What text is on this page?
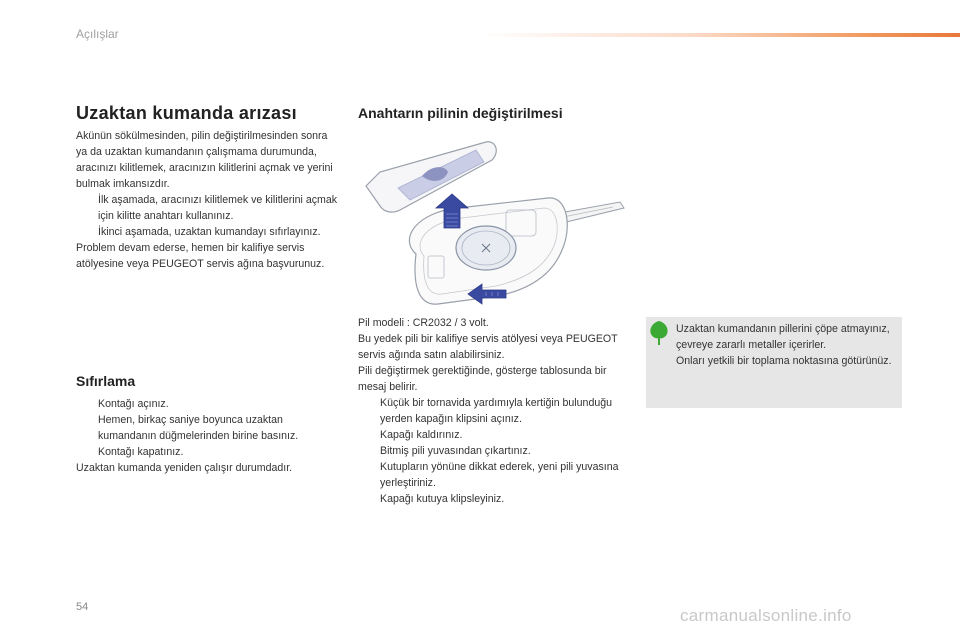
Açılışlar
Uzaktan kumanda arızası

Akünün sökülmesinden, pilin değiştirilmesinden sonra ya da uzaktan kumandanın çalışmama durumunda, aracınızı kilitlemek, aracınızın kilitlerini açmak ve yerini bulmak imkansızdır.

İlk aşamada, aracınızı kilitlemek ve kilitlerini açmak için kilitte anahtarı kullanınız.
İkinci aşamada, uzaktan kumandayı sıfırlayınız.

Problem devam ederse, hemen bir kalifiye servis atölyesine veya PEUGEOT servis ağına başvurunuz.

Sıfırlama
Kontağı açınız.
Hemen, birkaç saniye boyunca uzaktan kumandanın düğmelerinden birine basınız.
Kontağı kapatınız.

Uzaktan kumanda yeniden çalışır durumdadır.

Anahtarın pilinin değiştirilmesi

Pil modeli : CR2032 / 3 volt.

Bu yedek pili bir kalifiye servis atölyesi veya PEUGEOT servis ağında satın alabilirsiniz.

Pili değiştirmek gerektiğinde, gösterge tablosunda bir mesaj belirir.

Küçük bir tornavida yardımıyla kertiğin bulunduğu yerden kapağın klipsini açınız.
Kapağı kaldırınız.
Bitmiş pili yuvasından çıkartınız.
Kutupların yönüne dikkat ederek, yeni pili yuvasına yerleştiriniz.
Kapağı kutuya klipsleyiniz.
Uzaktan kumandanın pillerini çöpe atmayınız, çevreye zararlı metaller içerirler.
Onları yetkili bir toplama noktasına götürünüz.
54	carmanualsonline.info
